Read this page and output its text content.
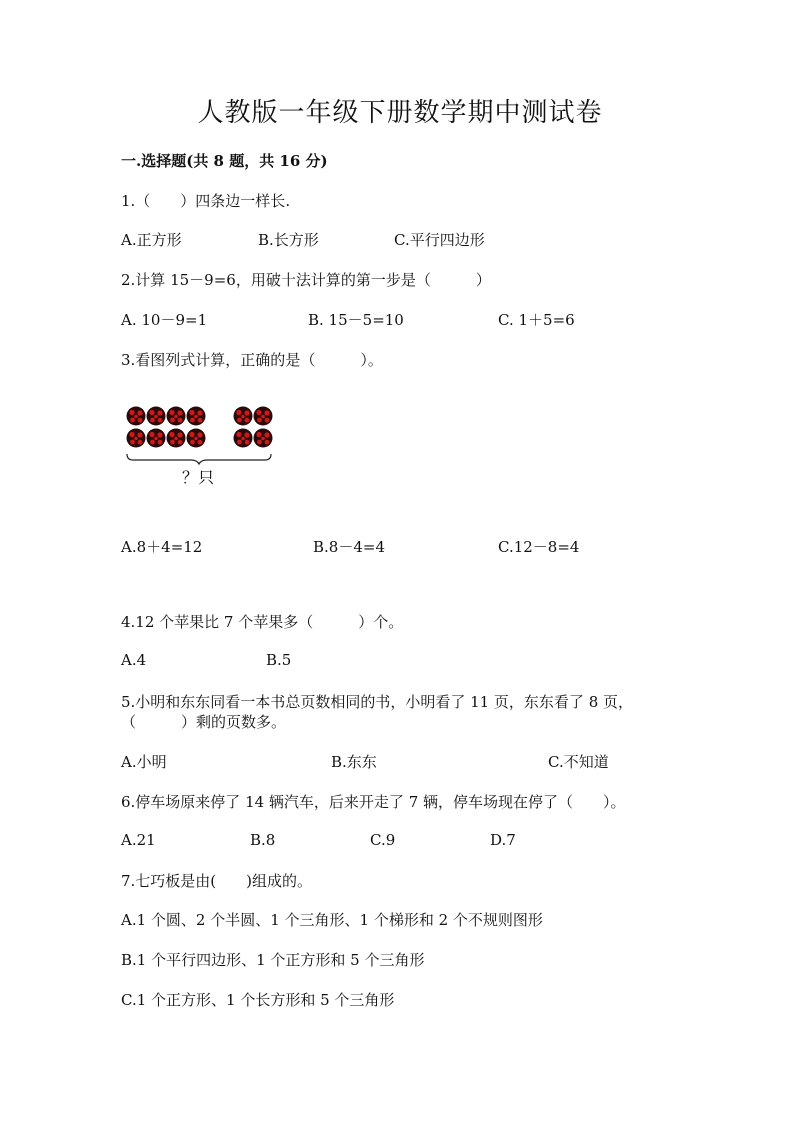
人教版一年级下册数学期中测试卷
一.选择题(共 8 题，共 16 分)
1.（　　）四条边一样长.
A.正方形	B.长方形	C.平行四边形
2.计算 15－9=6，用破十法计算的第一步是（　　　）
A. 10－9=1	B. 15－5=10	C. 1＋5=6
3.看图列式计算，正确的是（　　　）。
？只
A.8＋4=12	B.8－4=4	C.12－8=4
4.12 个苹果比 7 个苹果多（　　　）个。
A.4	B.5
5.小明和东东同看一本书总页数相同的书，小明看了 11 页，东东看了 8 页，
（　　　）剩的页数多。
A.小明	B.东东	C.不知道
6.停车场原来停了 14 辆汽车，后来开走了 7 辆，停车场现在停了（　　）。
A.21	B.8	C.9	D.7
7.七巧板是由(　　)组成的。
A.1 个圆、2 个半圆、1 个三角形、1 个梯形和 2 个不规则图形
B.1 个平行四边形、1 个正方形和 5 个三角形
C.1 个正方形、1 个长方形和 5 个三角形
